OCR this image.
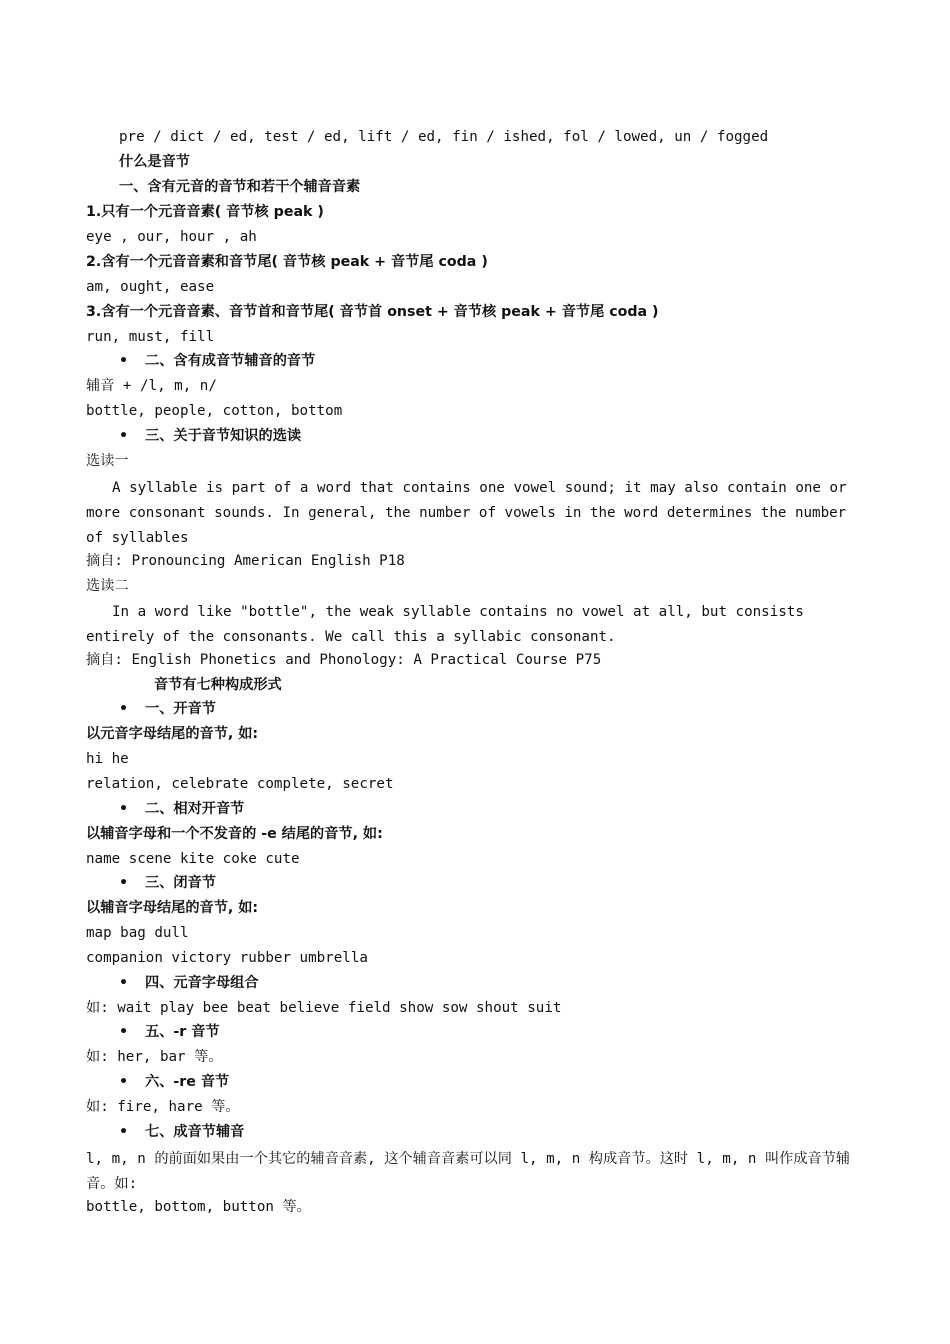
pre / dict / ed, test / ed, lift / ed, fin / ished, fol / lowed, un / fogged
什么是音节
一、含有元音的音节和若干个辅音音素
1.只有一个元音音素( 音节核 peak )
eye , our, hour , ah
2.含有一个元音音素和音节尾( 音节核 peak + 音节尾 coda )
am, ought, ease
3.含有一个元音音素、音节首和音节尾( 音节首 onset + 音节核 peak + 音节尾 coda )
run, must, fill
• 二、含有成音节辅音的音节
辅音 + /l, m, n/
bottle, people, cotton, bottom
• 三、关于音节知识的选读
选读一
A syllable is part of a word that contains one vowel sound; it may also contain one or more consonant sounds. In general, the number of vowels in the word determines the number of syllables
摘自: Pronouncing American English P18
选读二
In a word like "bottle", the weak syllable contains no vowel at all, but consists entirely of the consonants. We call this a syllabic consonant.
摘自: English Phonetics and Phonology: A Practical Course P75
音节有七种构成形式
• 一、开音节
以元音字母结尾的音节, 如:
hi he
relation, celebrate complete, secret
• 二、相对开音节
以辅音字母和一个不发音的 -e 结尾的音节, 如:
name scene kite coke cute
• 三、闭音节
以辅音字母结尾的音节, 如:
map bag dull
companion victory rubber umbrella
• 四、元音字母组合
如: wait play bee beat believe field show sow shout suit
• 五、-r 音节
如: her, bar 等。
• 六、-re 音节
如: fire, hare 等。
• 七、成音节辅音
l, m, n 的前面如果由一个其它的辅音音素, 这个辅音音素可以同 l, m, n 构成音节。这时 l, m, n 叫作成音节辅音。如:
bottle, bottom, button 等。
